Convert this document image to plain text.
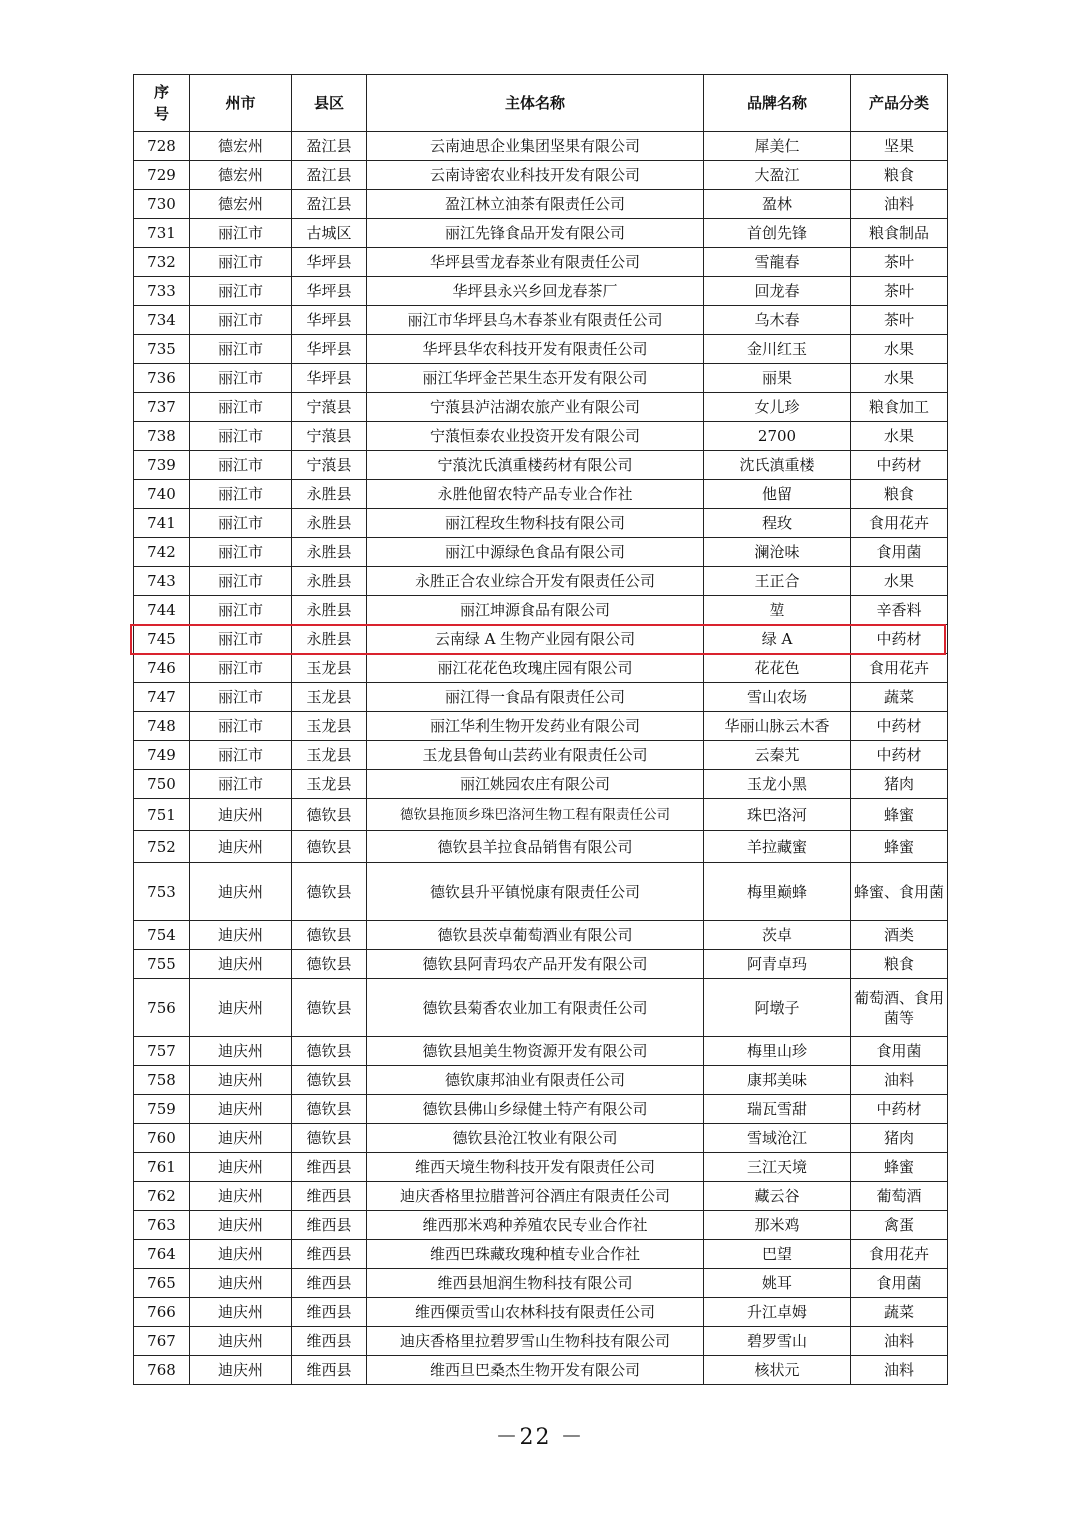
序
号	州市	县区	主体名称	品牌名称	产品分类
728	德宏州	盈江县	云南迪思企业集团坚果有限公司	犀美仁	坚果
729	德宏州	盈江县	云南诗密农业科技开发有限公司	大盈江	粮食
730	德宏州	盈江县	盈江林立油茶有限责任公司	盈林	油料
731	丽江市	古城区	丽江先锋食品开发有限公司	首创先锋	粮食制品
732	丽江市	华坪县	华坪县雪龙春茶业有限责任公司	雪龍春	茶叶
733	丽江市	华坪县	华坪县永兴乡回龙春茶厂	回龙春	茶叶
734	丽江市	华坪县	丽江市华坪县乌木春茶业有限责任公司	乌木春	茶叶
735	丽江市	华坪县	华坪县华农科技开发有限责任公司	金川红玉	水果
736	丽江市	华坪县	丽江华坪金芒果生态开发有限公司	丽果	水果
737	丽江市	宁蒗县	宁蒗县泸沽湖农旅产业有限公司	女儿珍	粮食加工
738	丽江市	宁蒗县	宁蒗恒泰农业投资开发有限公司	2700	水果
739	丽江市	宁蒗县	宁蒗沈氏滇重楼药材有限公司	沈氏滇重楼	中药材
740	丽江市	永胜县	永胜他留农特产品专业合作社	他留	粮食
741	丽江市	永胜县	丽江程玫生物科技有限公司	程玫	食用花卉
742	丽江市	永胜县	丽江中源绿色食品有限公司	澜沧味	食用菌
743	丽江市	永胜县	永胜正合农业综合开发有限责任公司	王正合	水果
744	丽江市	永胜县	丽江坤源食品有限公司	堃	辛香料
745	丽江市	永胜县	云南绿 A 生物产业园有限公司	绿 A	中药材
746	丽江市	玉龙县	丽江花花色玫瑰庄园有限公司	花花色	食用花卉
747	丽江市	玉龙县	丽江得一食品有限责任公司	雪山农场	蔬菜
748	丽江市	玉龙县	丽江华利生物开发药业有限公司	华丽山脉云木香	中药材
749	丽江市	玉龙县	玉龙县鲁甸山芸药业有限责任公司	云秦艽	中药材
750	丽江市	玉龙县	丽江姚园农庄有限公司	玉龙小黑	猪肉
751	迪庆州	德钦县	德钦县拖顶乡珠巴洛河生物工程有限责任公司	珠巴洛河	蜂蜜
752	迪庆州	德钦县	德钦县羊拉食品销售有限公司	羊拉藏蜜	蜂蜜
753	迪庆州	德钦县	德钦县升平镇悦康有限责任公司	梅里巅蜂	蜂蜜、食用菌
754	迪庆州	德钦县	德钦县茨卓葡萄酒业有限公司	茨卓	酒类
755	迪庆州	德钦县	德钦县阿青玛农产品开发有限公司	阿青卓玛	粮食
756	迪庆州	德钦县	德钦县菊香农业加工有限责任公司	阿墩子	葡萄酒、食用菌等
757	迪庆州	德钦县	德钦县旭美生物资源开发有限公司	梅里山珍	食用菌
758	迪庆州	德钦县	德钦康邦油业有限责任公司	康邦美味	油料
759	迪庆州	德钦县	德钦县佛山乡绿健土特产有限公司	瑞瓦雪甜	中药材
760	迪庆州	德钦县	德钦县沧江牧业有限公司	雪域沧江	猪肉
761	迪庆州	维西县	维西天境生物科技开发有限责任公司	三江天境	蜂蜜
762	迪庆州	维西县	迪庆香格里拉腊普河谷酒庄有限责任公司	藏云谷	葡萄酒
763	迪庆州	维西县	维西那米鸡种养殖农民专业合作社	那米鸡	禽蛋
764	迪庆州	维西县	维西巴珠藏玫瑰种植专业合作社	巴望	食用花卉
765	迪庆州	维西县	维西县旭润生物科技有限公司	姚耳	食用菌
766	迪庆州	维西县	维西傈贡雪山农林科技有限责任公司	升江卓姆	蔬菜
767	迪庆州	维西县	迪庆香格里拉碧罗雪山生物科技有限公司	碧罗雪山	油料
768	迪庆州	维西县	维西旦巴桑杰生物开发有限公司	核状元	油料
－22 －
